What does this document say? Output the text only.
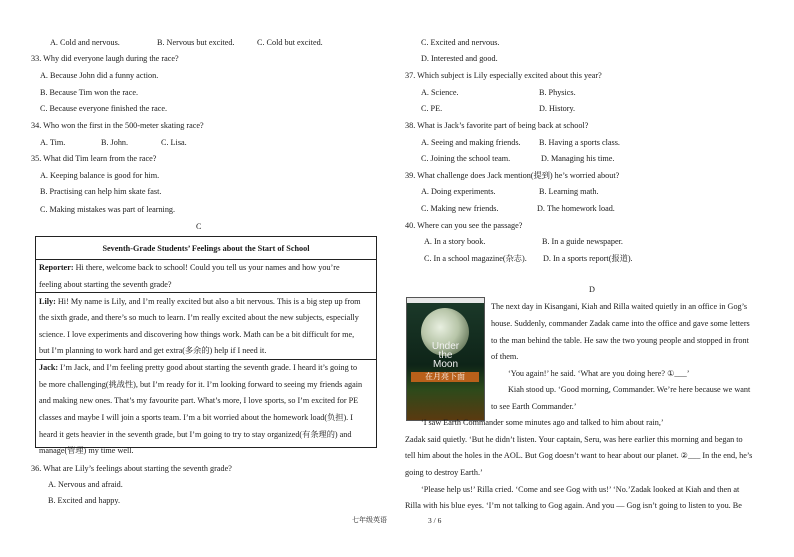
A. Cold and nervous.	B. Nervous but excited.	C. Cold but excited.
33. Why did everyone laugh during the race?
A. Because John did a funny action.
B. Because Tim won the race.
C. Because everyone finished the race.
34. Who won the first in the 500-meter skating race?
A. Tim.	B. John.	C. Lisa.
35. What did Tim learn from the race?
A. Keeping balance is good for him.
B. Practising can help him skate fast.
C. Making mistakes was part of learning.
C
Seventh-Grade Students’ Feelings about the Start of School
Reporter: Hi there, welcome back to school! Could you tell us your names and how you’re
feeling about starting the seventh grade?
Lily: Hi! My name is Lily, and I’m really excited but also a bit nervous. This is a big step up from
the sixth grade, and there’s so much to learn. I’m really excited about the new subjects, especially
science. I love experiments and discovering how things work. Math can be a bit difficult for me,
but I’m planning to work hard and get extra(多余的) help if I need it.
Jack: I’m Jack, and I’m feeling pretty good about starting the seventh grade. I heard it’s going to
be more challenging(挑战性), but I’m ready for it. I’m looking forward to seeing my friends again
and making new ones. That’s my favourite part. What’s more, I love sports, so I’m excited for PE
classes and maybe I will join a sports team. I’m a bit worried about the homework load(负担). I
heard it gets heavier in the seventh grade, but I’m going to try to stay organized(有条理的) and
manage(管理) my time well.
36. What are Lily’s feelings about starting the seventh grade?
A. Nervous and afraid.
B. Excited and happy.
C. Excited and nervous.
D. Interested and good.
37. Which subject is Lily especially excited about this year?
A. Science.	B. Physics.
C. PE.	D. History.
38. What is Jack’s favorite part of being back at school?
A. Seeing and making friends. B. Having a sports class.
C. Joining the school team.	D. Managing his time.
39. What challenge does Jack mention(提到) he’s worried about?
A. Doing experiments.	B. Learning math.
C. Making new friends.	D. The homework load.
40. Where can you see the passage?
A. In a story book.	B. In a guide newspaper.
C. In a school magazine(杂志). D. In a sports report(报道).
D
Under
the
Moon
在月亮下面
The next day in Kisangani, Kiah and Rilla waited quietly in an office in Gog’s
house. Suddenly, commander Zadak came into the office and gave some letters
to the man behind the table. He saw the two young people and stopped in front
of them.
‘You again!’ he said. ‘What are you doing here? ①___’
Kiah stood up. ‘Good morning, Commander. We’re here because we want
to see Earth Commander.’
‘I saw Earth Commander some minutes ago and talked to him about rain,’
Zadak said quietly. ‘But he didn’t listen. Your captain, Seru, was here earlier this morning and began to
tell him about the holes in the AOL. But Gog doesn’t want to hear about our planet. ②___ In the end, he’s
going to destroy Earth.’
‘Please help us!’ Rilla cried. ‘Come and see Gog with us!’ ‘No.’Zadak looked at Kiah and then at
Rilla with his blue eyes. ‘I’m not talking to Gog again. And you — Gog isn’t going to listen to you. Be
七年级英语	3 / 6
